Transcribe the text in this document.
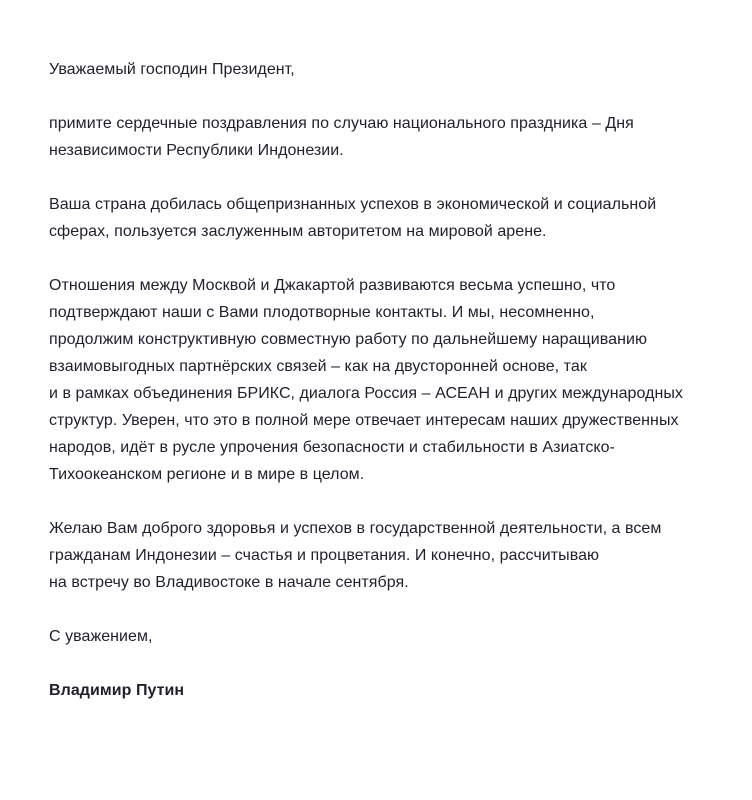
Уважаемый господин Президент,

примите сердечные поздравления по случаю национального праздника – Дня
независимости Республики Индонезии.

Ваша страна добилась общепризнанных успехов в экономической и социальной
сферах, пользуется заслуженным авторитетом на мировой арене.

Отношения между Москвой и Джакартой развиваются весьма успешно, что
подтверждают наши с Вами плодотворные контакты. И мы, несомненно,
продолжим конструктивную совместную работу по дальнейшему наращиванию
взаимовыгодных партнёрских связей – как на двусторонней основе, так
и в рамках объединения БРИКС, диалога Россия – АСЕАН и других международных
структур. Уверен, что это в полной мере отвечает интересам наших дружественных
народов, идёт в русле упрочения безопасности и стабильности в Азиатско-
Тихоокеанском регионе и в мире в целом.

Желаю Вам доброго здоровья и успехов в государственной деятельности, а всем
гражданам Индонезии – счастья и процветания. И конечно, рассчитываю
на встречу во Владивостоке в начале сентября.

С уважением,

Владимир Путин
